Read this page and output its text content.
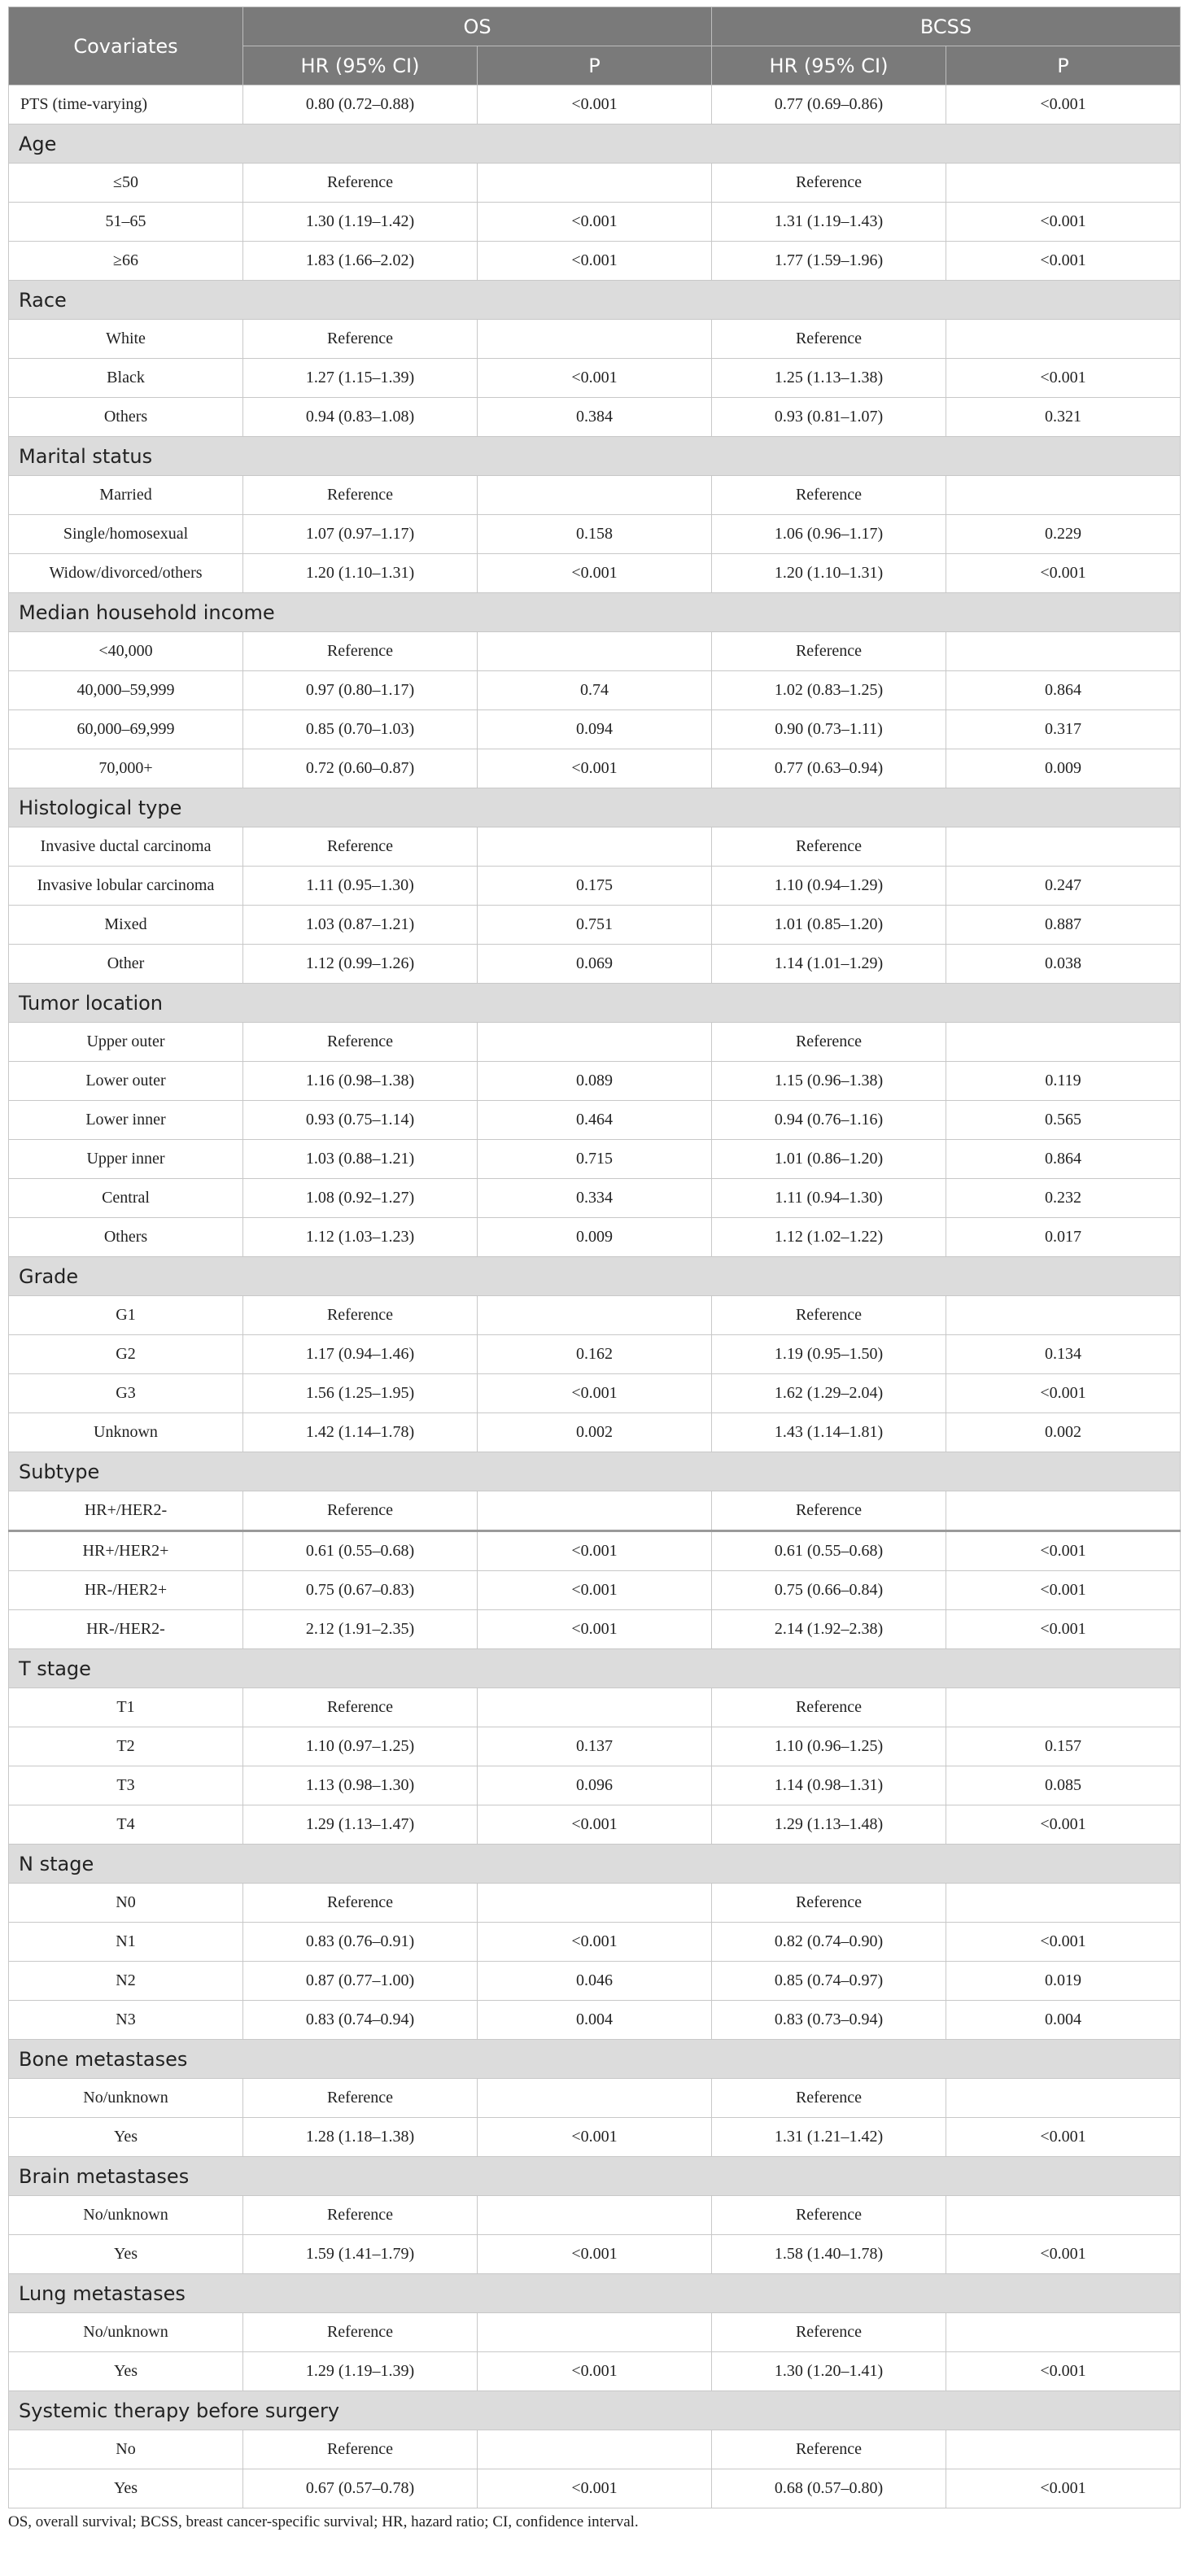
Covariates	OS		BCSS	
	HR (95% CI)	P	HR (95% CI)	P
PTS (time-varying)	0.80 (0.72–0.88)	<0.001	0.77 (0.69–0.86)	<0.001
Age				
≤50	Reference		Reference	
51–65	1.30 (1.19–1.42)	<0.001	1.31 (1.19–1.43)	<0.001
≥66	1.83 (1.66–2.02)	<0.001	1.77 (1.59–1.96)	<0.001
Race				
White	Reference		Reference	
Black	1.27 (1.15–1.39)	<0.001	1.25 (1.13–1.38)	<0.001
Others	0.94 (0.83–1.08)	0.384	0.93 (0.81–1.07)	0.321
Marital status				
Married	Reference		Reference	
Single/homosexual	1.07 (0.97–1.17)	0.158	1.06 (0.96–1.17)	0.229
Widow/divorced/others	1.20 (1.10–1.31)	<0.001	1.20 (1.10–1.31)	<0.001
Median household income				
<40,000	Reference		Reference	
40,000–59,999	0.97 (0.80–1.17)	0.74	1.02 (0.83–1.25)	0.864
60,000–69,999	0.85 (0.70–1.03)	0.094	0.90 (0.73–1.11)	0.317
70,000+	0.72 (0.60–0.87)	<0.001	0.77 (0.63–0.94)	0.009
Histological type				
Invasive ductal carcinoma	Reference		Reference	
Invasive lobular carcinoma	1.11 (0.95–1.30)	0.175	1.10 (0.94–1.29)	0.247
Mixed	1.03 (0.87–1.21)	0.751	1.01 (0.85–1.20)	0.887
Other	1.12 (0.99–1.26)	0.069	1.14 (1.01–1.29)	0.038
Tumor location				
Upper outer	Reference		Reference	
Lower outer	1.16 (0.98–1.38)	0.089	1.15 (0.96–1.38)	0.119
Lower inner	0.93 (0.75–1.14)	0.464	0.94 (0.76–1.16)	0.565
Upper inner	1.03 (0.88–1.21)	0.715	1.01 (0.86–1.20)	0.864
Central	1.08 (0.92–1.27)	0.334	1.11 (0.94–1.30)	0.232
Others	1.12 (1.03–1.23)	0.009	1.12 (1.02–1.22)	0.017
Grade				
G1	Reference		Reference	
G2	1.17 (0.94–1.46)	0.162	1.19 (0.95–1.50)	0.134
G3	1.56 (1.25–1.95)	<0.001	1.62 (1.29–2.04)	<0.001
Unknown	1.42 (1.14–1.78)	0.002	1.43 (1.14–1.81)	0.002
Subtype				
HR+/HER2-	Reference		Reference	
HR+/HER2+	0.61 (0.55–0.68)	<0.001	0.61 (0.55–0.68)	<0.001
HR-/HER2+	0.75 (0.67–0.83)	<0.001	0.75 (0.66–0.84)	<0.001
HR-/HER2-	2.12 (1.91–2.35)	<0.001	2.14 (1.92–2.38)	<0.001
T stage				
T1	Reference		Reference	
T2	1.10 (0.97–1.25)	0.137	1.10 (0.96–1.25)	0.157
T3	1.13 (0.98–1.30)	0.096	1.14 (0.98–1.31)	0.085
T4	1.29 (1.13–1.47)	<0.001	1.29 (1.13–1.48)	<0.001
N stage				
N0	Reference		Reference	
N1	0.83 (0.76–0.91)	<0.001	0.82 (0.74–0.90)	<0.001
N2	0.87 (0.77–1.00)	0.046	0.85 (0.74–0.97)	0.019
N3	0.83 (0.74–0.94)	0.004	0.83 (0.73–0.94)	0.004
Bone metastases				
No/unknown	Reference		Reference	
Yes	1.28 (1.18–1.38)	<0.001	1.31 (1.21–1.42)	<0.001
Brain metastases				
No/unknown	Reference		Reference	
Yes	1.59 (1.41–1.79)	<0.001	1.58 (1.40–1.78)	<0.001
Lung metastases				
No/unknown	Reference		Reference	
Yes	1.29 (1.19–1.39)	<0.001	1.30 (1.20–1.41)	<0.001
Systemic therapy before surgery				
No	Reference		Reference	
Yes	0.67 (0.57–0.78)	<0.001	0.68 (0.57–0.80)	<0.001
OS, overall survival; BCSS, breast cancer-specific survival; HR, hazard ratio; CI, confidence interval.
